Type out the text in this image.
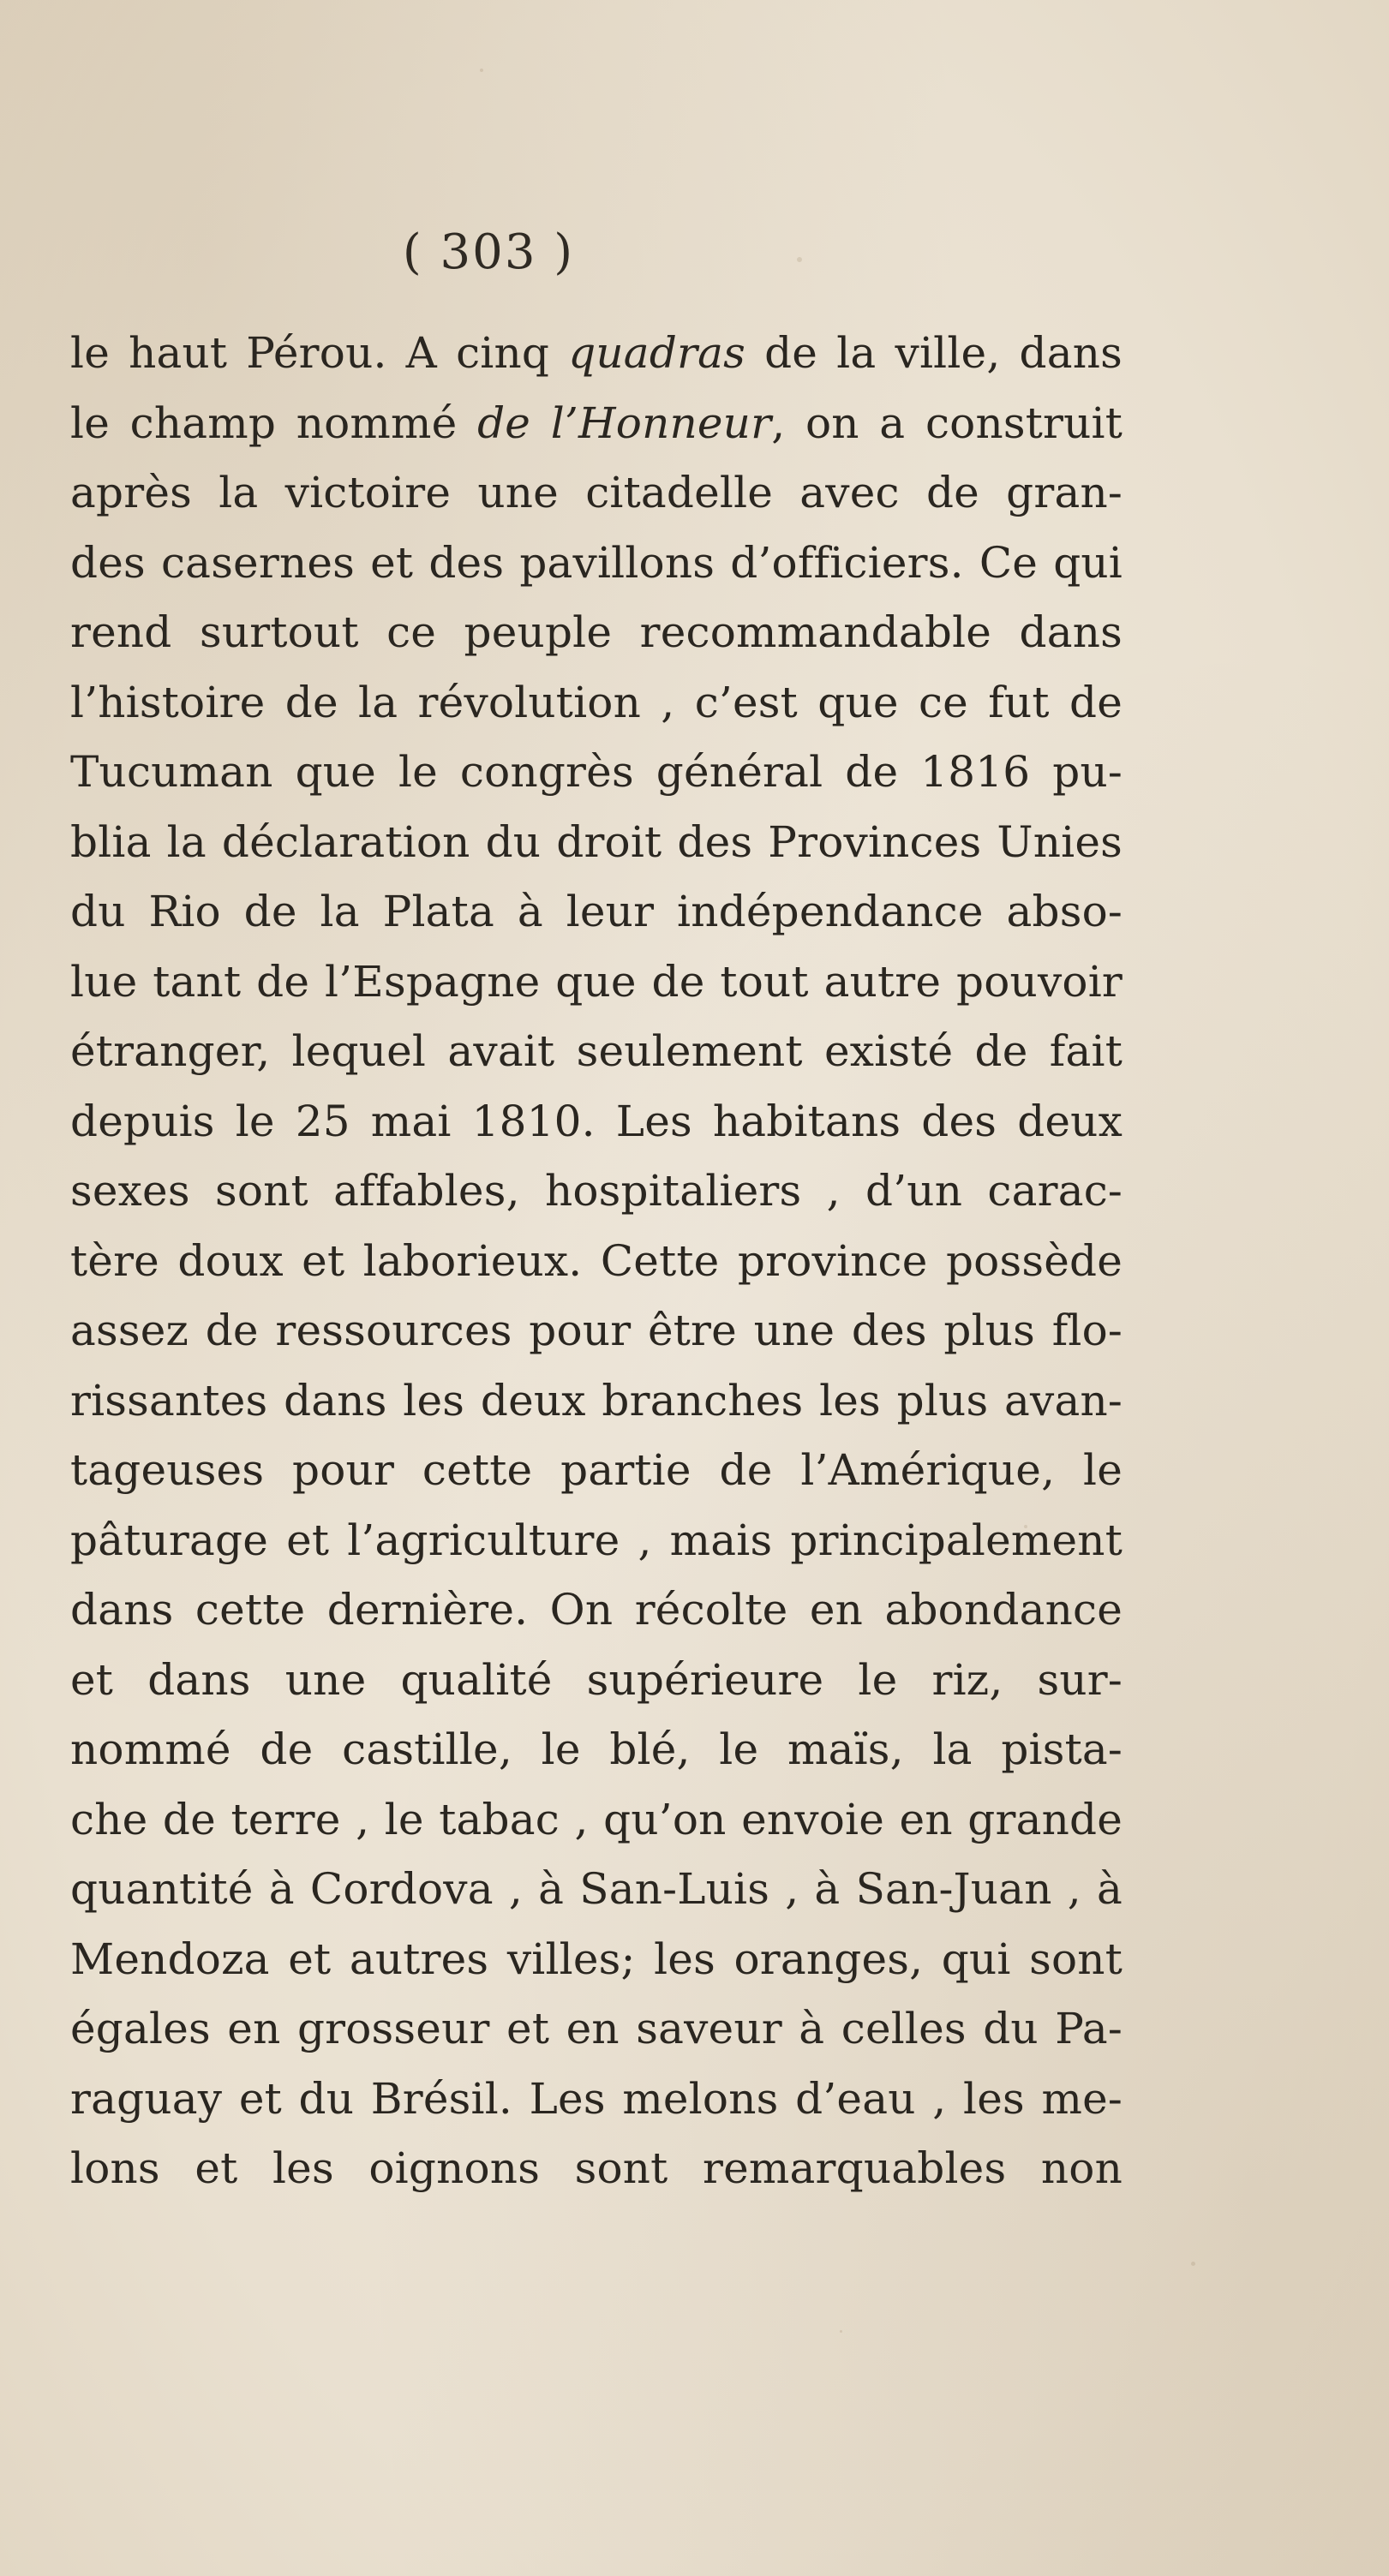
( 303 )
le haut Pérou. A cinq quadras de la ville, dans
le champ nommé de l’Honneur, on a construit
après la victoire une citadelle avec de gran-
des casernes et des pavillons d’officiers. Ce qui
rend surtout ce peuple recommandable dans
l’histoire de la révolution , c’est que ce fut de
Tucuman que le congrès général de 1816 pu-
blia la déclaration du droit des Provinces Unies
du Rio de la Plata à leur indépendance abso-
lue tant de l’Espagne que de tout autre pouvoir
étranger, lequel avait seulement existé de fait
depuis le 25 mai 1810. Les habitans des deux
sexes sont affables, hospitaliers , d’un carac-
tère doux et laborieux. Cette province possède
assez de ressources pour être une des plus flo-
rissantes dans les deux branches les plus avan-
tageuses pour cette partie de l’Amérique, le
pâturage et l’agriculture , mais principalement
dans cette dernière. On récolte en abondance
et dans une qualité supérieure le riz, sur-
nommé de castille, le blé, le maïs, la pista-
che de terre , le tabac , qu’on envoie en grande
quantité à Cordova , à San-Luis , à San-Juan , à
Mendoza et autres villes; les oranges, qui sont
égales en grosseur et en saveur à celles du Pa-
raguay et du Brésil. Les melons d’eau , les me-
lons et les oignons sont remarquables non
